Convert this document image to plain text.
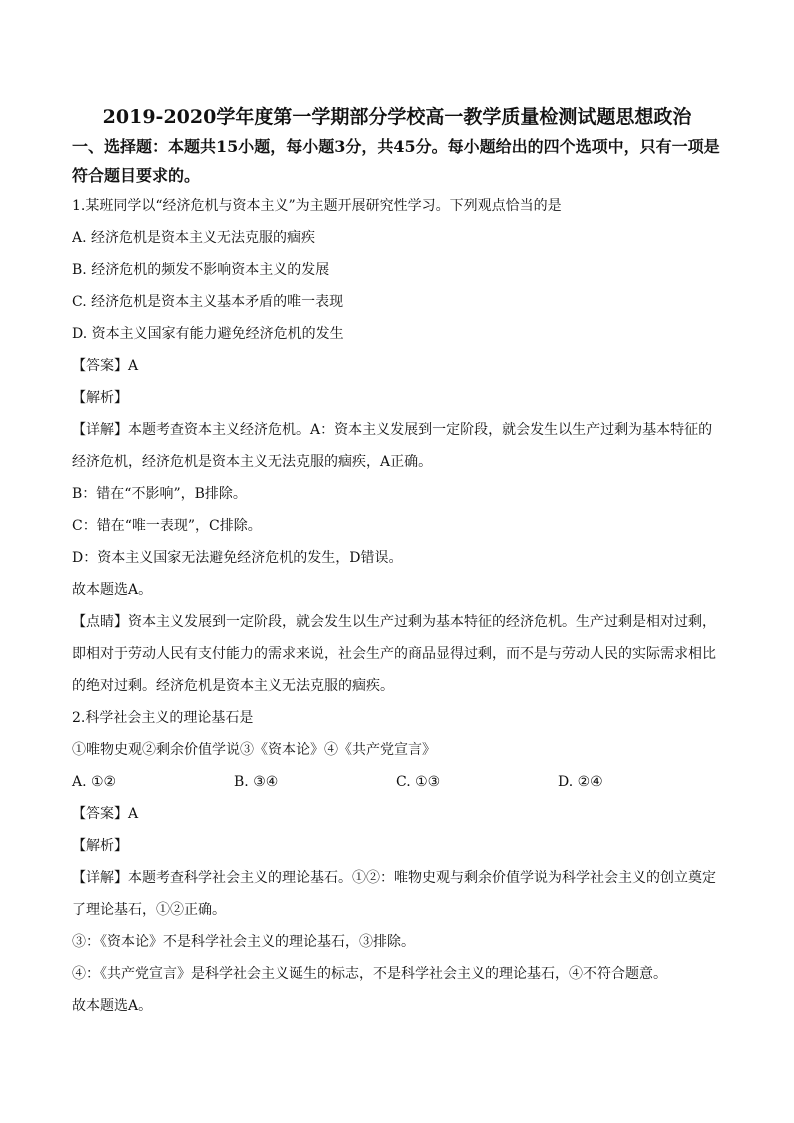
2019-2020学年度第一学期部分学校高一教学质量检测试题思想政治

一、选择题：本题共15小题，每小题3分，共45分。每小题给出的四个选项中，只有一项是符合题目要求的。

1.某班同学以“经济危机与资本主义”为主题开展研究性学习。下列观点恰当的是

A. 经济危机是资本主义无法克服的痼疾

B. 经济危机的频发不影响资本主义的发展

C. 经济危机是资本主义基本矛盾的唯一表现

D. 资本主义国家有能力避免经济危机的发生

【答案】A

【解析】

【详解】本题考查资本主义经济危机。A：资本主义发展到一定阶段，就会发生以生产过剩为基本特征的经济危机，经济危机是资本主义无法克服的痼疾，A正确。

B：错在“不影响”，B排除。

C：错在“唯一表现”，C排除。

D：资本主义国家无法避免经济危机的发生，D错误。

故本题选A。

【点睛】资本主义发展到一定阶段，就会发生以生产过剩为基本特征的经济危机。生产过剩是相对过剩，即相对于劳动人民有支付能力的需求来说，社会生产的商品显得过剩，而不是与劳动人民的实际需求相比的绝对过剩。经济危机是资本主义无法克服的痼疾。

2.科学社会主义的理论基石是

①唯物史观②剩余价值学说③《资本论》④《共产党宣言》

A. ①②	B. ③④	C. ①③	D. ②④

【答案】A

【解析】

【详解】本题考查科学社会主义的理论基石。①②：唯物史观与剩余价值学说为科学社会主义的创立奠定了理论基石，①②正确。

③：《资本论》不是科学社会主义的理论基石，③排除。

④：《共产党宣言》是科学社会主义诞生的标志，不是科学社会主义的理论基石，④不符合题意。

故本题选A。
